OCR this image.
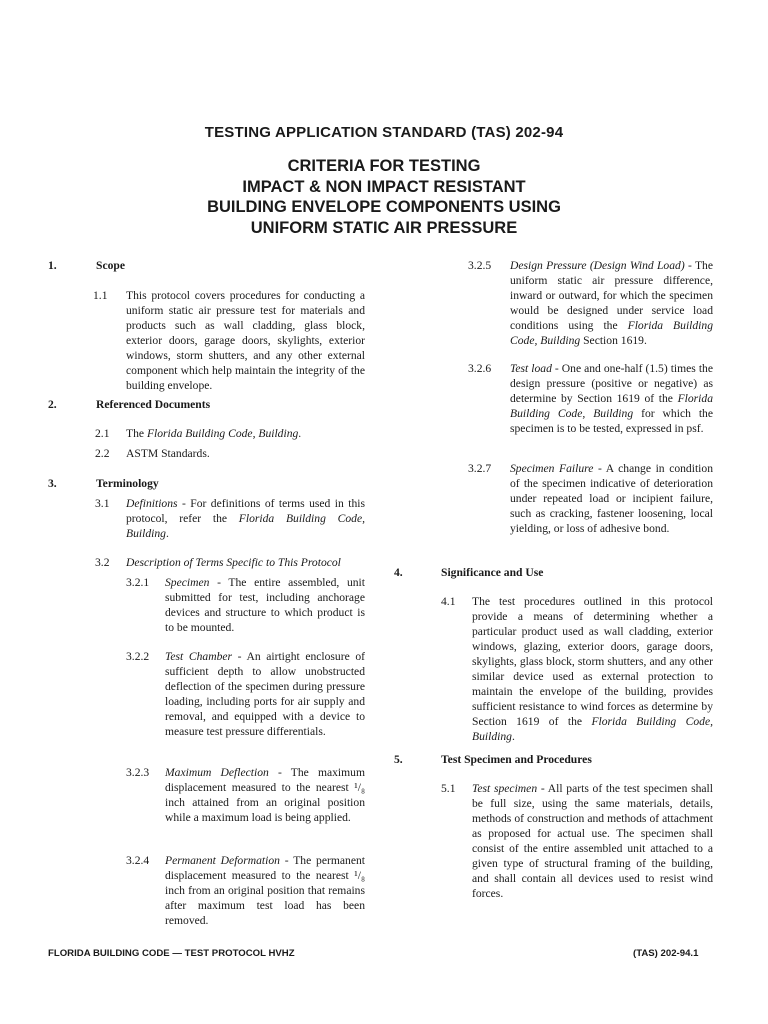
TESTING APPLICATION STANDARD (TAS) 202-94
CRITERIA FOR TESTING
IMPACT & NON IMPACT RESISTANT
BUILDING ENVELOPE COMPONENTS USING
UNIFORM STATIC AIR PRESSURE
1.	Scope
1.1 This protocol covers procedures for conducting a uniform static air pressure test for materials and products such as wall cladding, glass block, exterior doors, garage doors, skylights, exterior windows, storm shutters, and any other external component which help maintain the integrity of the building envelope.
2.	Referenced Documents
2.1 The Florida Building Code, Building.
2.2 ASTM Standards.
3.	Terminology
3.1 Definitions - For definitions of terms used in this protocol, refer the Florida Building Code, Building.
3.2 Description of Terms Specific to This Protocol
3.2.1 Specimen - The entire assembled, unit submitted for test, including anchorage devices and structure to which product is to be mounted.
3.2.2 Test Chamber - An airtight enclosure of sufficient depth to allow unobstructed deflection of the specimen during pressure loading, including ports for air supply and removal, and equipped with a device to measure test pressure differentials.
3.2.3 Maximum Deflection - The maximum displacement measured to the nearest ¹/₈ inch attained from an original position while a maximum load is being applied.
3.2.4 Permanent Deformation - The permanent displacement measured to the nearest ¹/₈ inch from an original position that remains after maximum test load has been removed.
3.2.5 Design Pressure (Design Wind Load) - The uniform static air pressure difference, inward or outward, for which the specimen would be designed under service load conditions using the Florida Building Code, Building Section 1619.
3.2.6 Test load - One and one-half (1.5) times the design pressure (positive or negative) as determine by Section 1619 of the Florida Building Code, Building for which the specimen is to be tested, expressed in psf.
3.2.7 Specimen Failure - A change in condition of the specimen indicative of deterioration under repeated load or incipient failure, such as cracking, fastener loosening, local yielding, or loss of adhesive bond.
4.	Significance and Use
4.1 The test procedures outlined in this protocol provide a means of determining whether a particular product used as wall cladding, exterior windows, glazing, exterior doors, garage doors, skylights, glass block, storm shutters, and any other similar device used as external protection to maintain the envelope of the building, provides sufficient resistance to wind forces as determine by Section 1619 of the Florida Building Code, Building.
5.	Test Specimen and Procedures
5.1 Test specimen - All parts of the test specimen shall be full size, using the same materials, details, methods of construction and methods of attachment as proposed for actual use. The specimen shall consist of the entire assembled unit attached to a given type of structural framing of the building, and shall contain all devices used to resist wind forces.
FLORIDA BUILDING CODE — TEST PROTOCOL HVHZ	(TAS) 202-94.1
